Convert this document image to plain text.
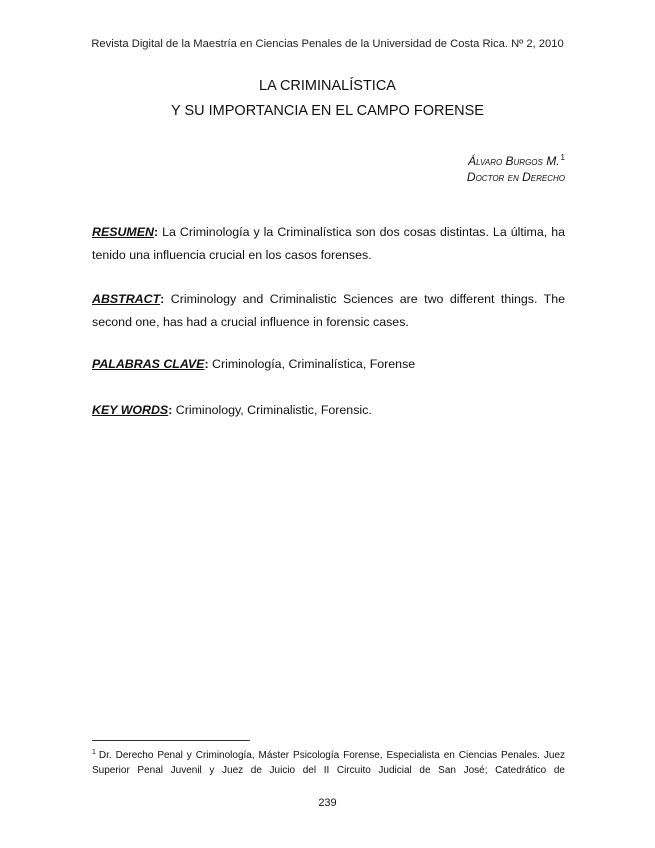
Revista Digital de la Maestría en Ciencias Penales de la Universidad de Costa Rica. Nº 2, 2010
LA CRIMINALÍSTICA
Y SU IMPORTANCIA EN EL CAMPO FORENSE
Álvaro Burgos M.$^1$
Doctor en Derecho
RESUMEN: La Criminología y la Criminalística son dos cosas distintas. La última, ha tenido una influencia crucial en los casos forenses.
ABSTRACT: Criminology and Criminalistic Sciences are two different things. The second one, has had a crucial influence in forensic cases.
PALABRAS CLAVE: Criminología, Criminalística, Forense
KEY WORDS: Criminology, Criminalistic, Forensic.
$^1$ Dr. Derecho Penal y Criminología, Máster Psicología Forense, Especialista en Ciencias Penales. Juez Superior Penal Juvenil y Juez de Juicio del II Circuito Judicial de San José; Catedrático de
239
